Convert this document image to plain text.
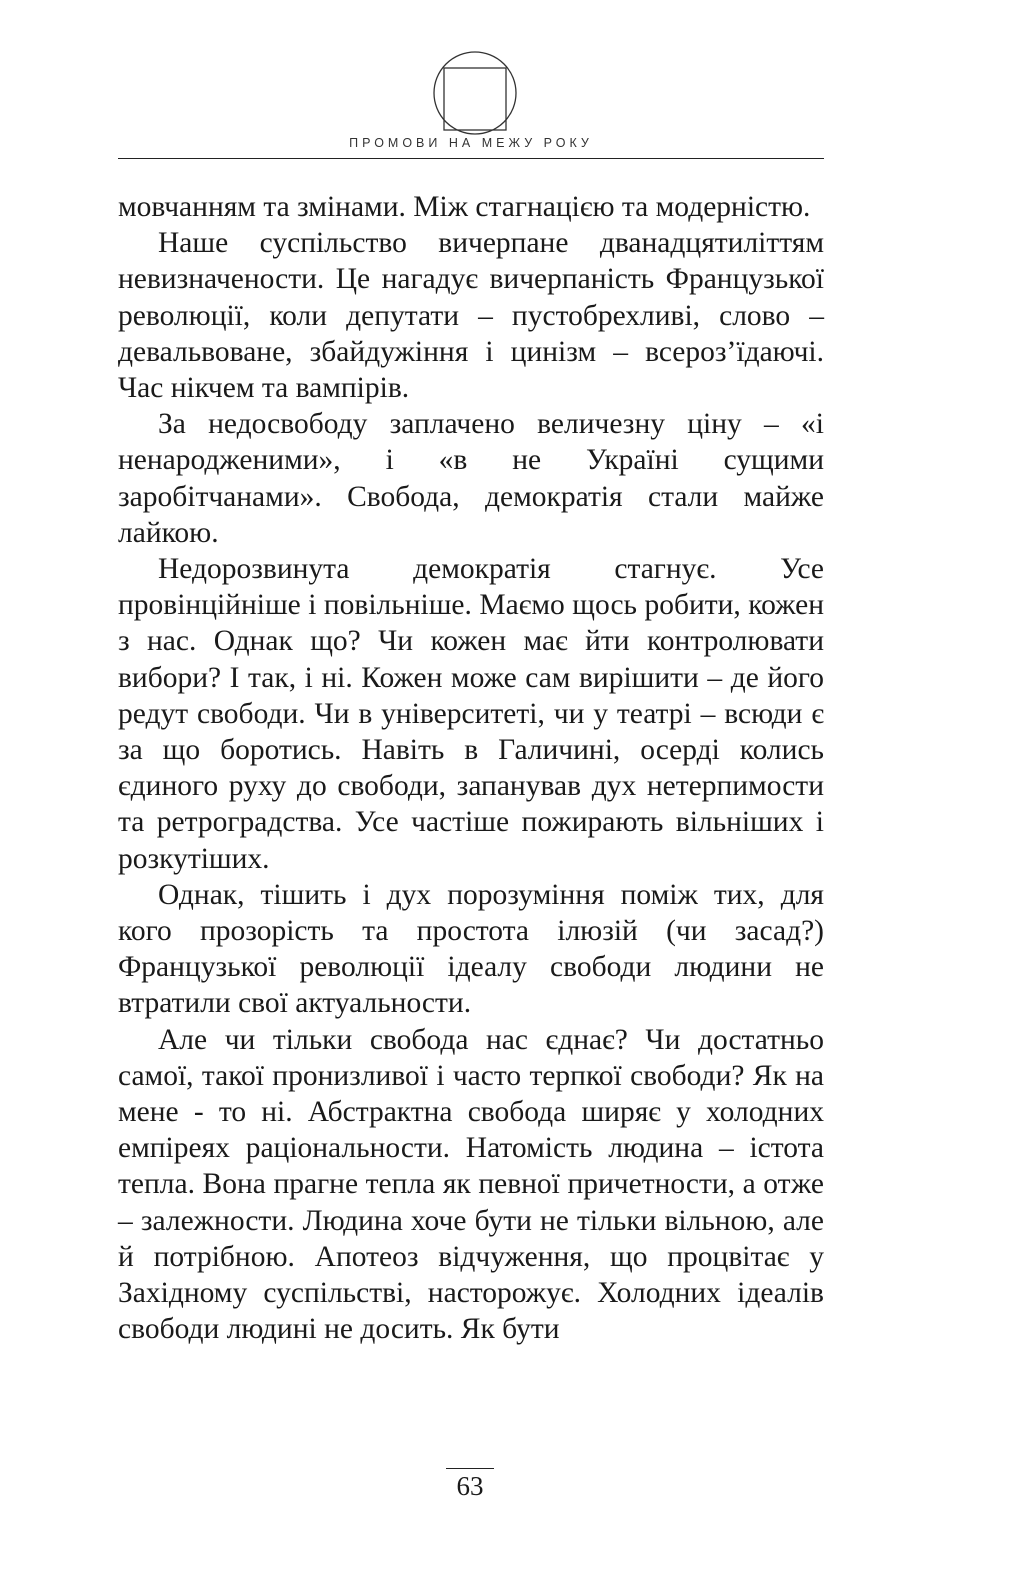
ПРОМОВИ НА МЕЖУ РОКУ

мовчанням та змінами. Між стагнацією та модерністю.

Наше суспільство вичерпане дванадцятиліттям невизначености. Це нагадує вичерпаність Французької революції, коли депутати – пустобрехливі, слово – девальвоване, збайдужіння і цинізм – всероз’їдаючі. Час нікчем та вампірів.

За недосвободу заплачено величезну ціну – «і ненародженими», і «в не Україні сущими заробітчанами». Свобода, демократія стали майже лайкою.

Недорозвинута демократія стагнує. Усе провінційніше і повільніше. Маємо щось робити, кожен з нас. Однак що? Чи кожен має йти контролювати вибори? І так, і ні. Кожен може сам вирішити – де його редут свободи. Чи в університеті, чи у театрі – всюди є за що боротись. Навіть в Галичині, осерді колись єдиного руху до свободи, запанував дух нетерпимости та ретроградства. Усе частіше пожирають вільніших і розкутіших.

Однак, тішить і дух порозуміння поміж тих, для кого прозорість та простота ілюзій (чи засад?) Французької революції ідеалу свободи людини не втратили свої актуальности.

Але чи тільки свобода нас єднає? Чи достатньо самої, такої пронизливої і часто терпкої свободи? Як на мене - то ні. Абстрактна свобода ширяє у холодних емпіреях раціональности. Натомість людина – істота тепла. Вона прагне тепла як певної причетности, а отже – залежности. Людина хоче бути не тільки вільною, але й потрібною. Апотеоз відчуження, що процвітає у Західному суспільстві, насторожує. Холодних ідеалів свободи людині не досить. Як бути

63
